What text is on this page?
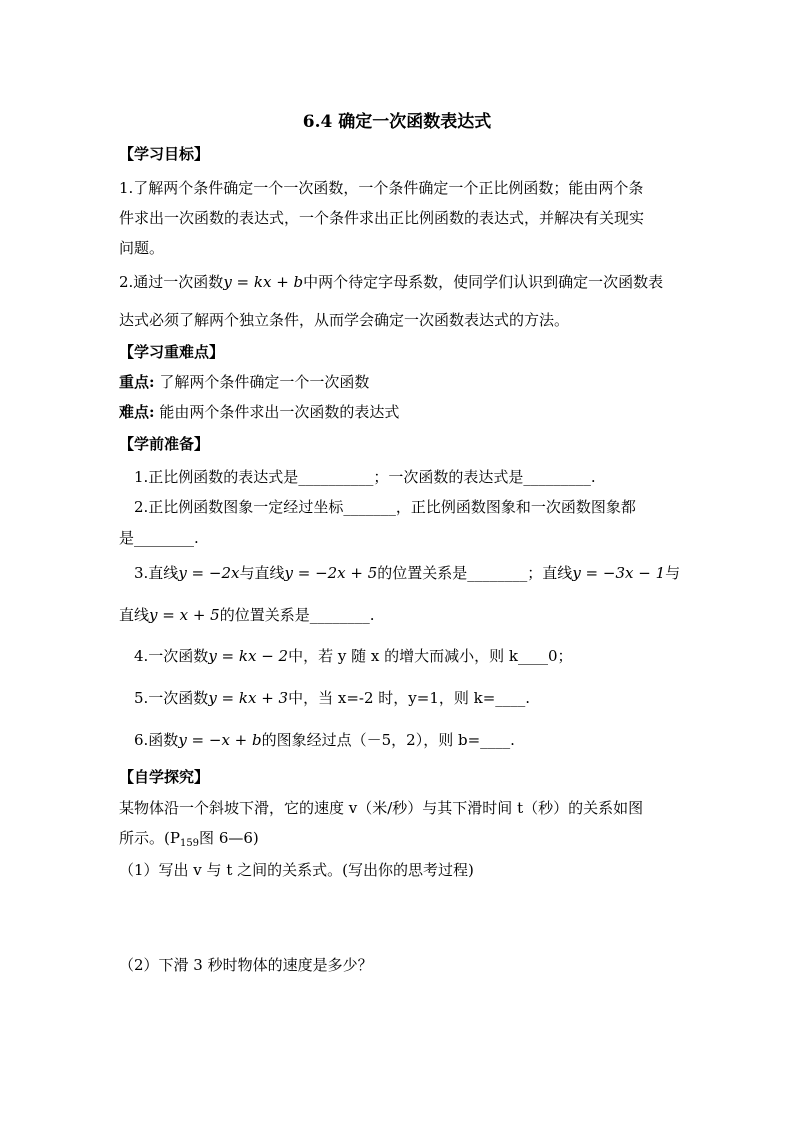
6.4 确定一次函数表达式
【学习目标】
1.了解两个条件确定一个一次函数，一个条件确定一个正比例函数；能由两个条
件求出一次函数的表达式，一个条件求出正比例函数的表达式，并解决有关现实
问题。
2.通过一次函数y = kx + b中两个待定字母系数，使同学们认识到确定一次函数表
达式必须了解两个独立条件，从而学会确定一次函数表达式的方法。
【学习重难点】
重点: 了解两个条件确定一个一次函数
难点: 能由两个条件求出一次函数的表达式
【学前准备】
1.正比例函数的表达式是__________；一次函数的表达式是_________.
2.正比例函数图象一定经过坐标_______，正比例函数图象和一次函数图象都
是________.
3.直线y = −2x与直线y = −2x + 5的位置关系是________；直线y = −3x − 1与
直线y = x + 5的位置关系是________.
4.一次函数y = kx − 2中，若 y 随 x 的增大而减小，则 k____0；
5.一次函数y = kx + 3中，当 x=-2 时，y=1，则 k=____.
6.函数y = −x + b的图象经过点（－5，2），则 b=____.
【自学探究】
某物体沿一个斜坡下滑，它的速度 v（米/秒）与其下滑时间 t（秒）的关系如图
所示。($P_{159}$图 6—6)
（1）写出 v 与 t 之间的关系式。(写出你的思考过程)
（2）下滑 3 秒时物体的速度是多少？
